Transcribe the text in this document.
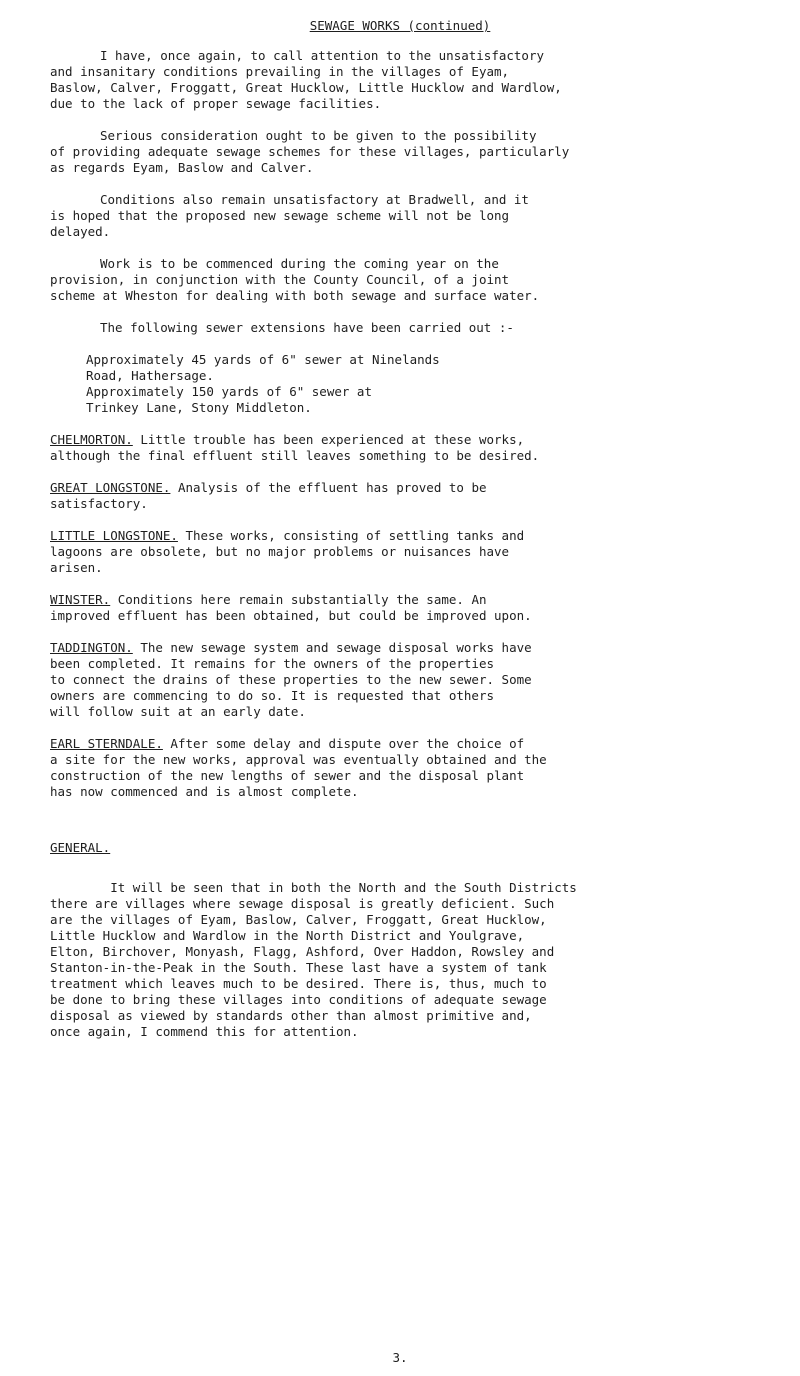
SEWAGE WORKS (continued)

I have, once again, to call attention to the unsatisfactory
and insanitary conditions prevailing in the villages of Eyam,
Baslow, Calver, Froggatt, Great Hucklow, Little Hucklow and Wardlow,
due to the lack of proper sewage facilities.

Serious consideration ought to be given to the possibility
of providing adequate sewage schemes for these villages, particularly
as regards Eyam, Baslow and Calver.

Conditions also remain unsatisfactory at Bradwell, and it
is hoped that the proposed new sewage scheme will not be long
delayed.

Work is to be commenced during the coming year on the
provision, in conjunction with the County Council, of a joint
scheme at Wheston for dealing with both sewage and surface water.

The following sewer extensions have been carried out :-

Approximately 45 yards of 6" sewer at Ninelands
Road, Hathersage.

Approximately 150 yards of 6" sewer at
Trinkey Lane, Stony Middleton.

CHELMORTON. Little trouble has been experienced at these works,
although the final effluent still leaves something to be desired.

GREAT LONGSTONE. Analysis of the effluent has proved to be
satisfactory.

LITTLE LONGSTONE. These works, consisting of settling tanks and
lagoons are obsolete, but no major problems or nuisances have
arisen.

WINSTER. Conditions here remain substantially the same. An
improved effluent has been obtained, but could be improved upon.

TADDINGTON. The new sewage system and sewage disposal works have
been completed. It remains for the owners of the properties
to connect the drains of these properties to the new sewer. Some
owners are commencing to do so. It is requested that others
will follow suit at an early date.

EARL STERNDALE. After some delay and dispute over the choice of
a site for the new works, approval was eventually obtained and the
construction of the new lengths of sewer and the disposal plant
has now commenced and is almost complete.

GENERAL.

It will be seen that in both the North and the South Districts
there are villages where sewage disposal is greatly deficient. Such
are the villages of Eyam, Baslow, Calver, Froggatt, Great Hucklow,
Little Hucklow and Wardlow in the North District and Youlgrave,
Elton, Birchover, Monyash, Flagg, Ashford, Over Haddon, Rowsley and
Stanton-in-the-Peak in the South. These last have a system of tank
treatment which leaves much to be desired. There is, thus, much to
be done to bring these villages into conditions of adequate sewage
disposal as viewed by standards other than almost primitive and,
once again, I commend this for attention.

3.
